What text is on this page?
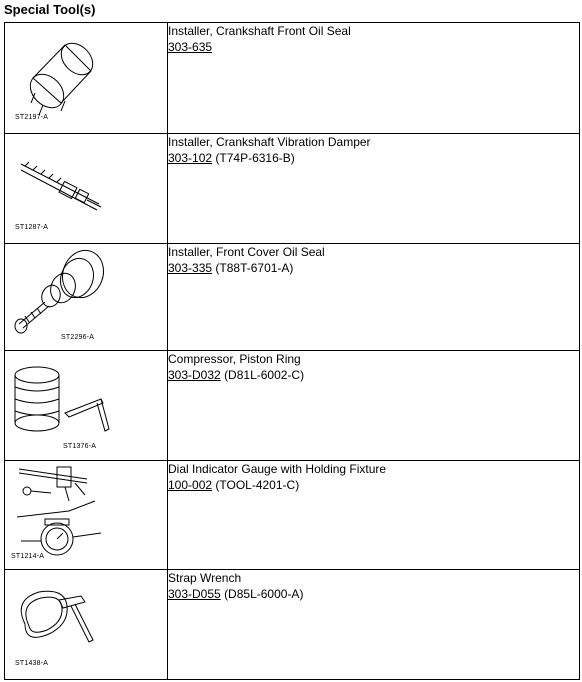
Special Tool(s)
ST2197-A	Installer, Crankshaft Front Oil Seal
303-635

ST1287-A	Installer, Crankshaft Vibration Damper
303-102 (T74P-6316-B)

ST2296-A	Installer, Front Cover Oil Seal
303-335 (T88T-6701-A)

ST1376-A	Compressor, Piston Ring
303-D032 (D81L-6002-C)

ST1214-A	Dial Indicator Gauge with Holding Fixture
100-002 (TOOL-4201-C)

ST1438-A	Strap Wrench
303-D055 (D85L-6000-A)
